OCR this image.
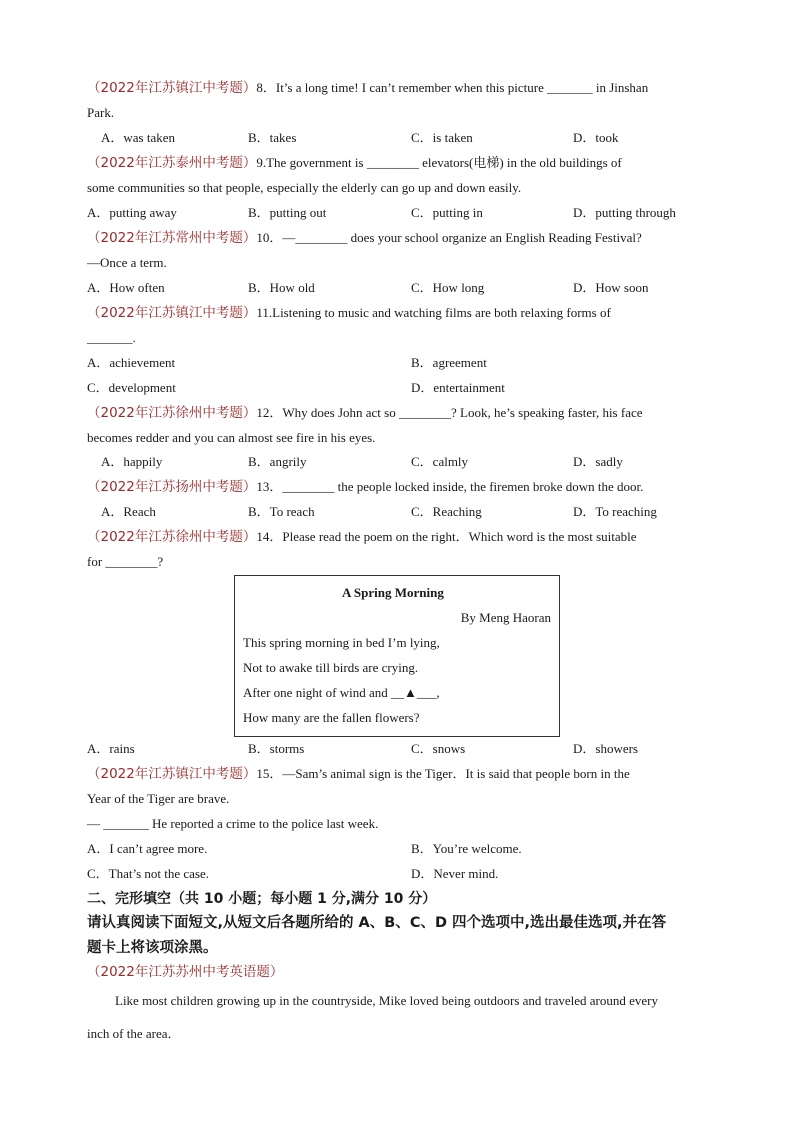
（2022年江苏镇江中考题）8．It’s a long time! I can’t remember when this picture _______ in Jinshan
Park.
A．was taken	B．takes	C．is taken	D．took
（2022年江苏泰州中考题）9.The government is ________ elevators(电梯) in the old buildings of
some communities so that people, especially the elderly can go up and down easily.
A．putting away	B．putting out	C．putting in	D．putting through
（2022年江苏常州中考题）10．—________ does your school organize an English Reading Festival?
—Once a term.
A．How often	B．How old	C．How long	D．How soon
（2022年江苏镇江中考题）11.Listening to music and watching films are both relaxing forms of
_______.
A．achievement	B．agreement
C．development	D．entertainment
（2022年江苏徐州中考题）12．Why does John act so ________? Look, he’s speaking faster, his face
becomes redder and you can almost see fire in his eyes.
A．happily	B．angrily	C．calmly	D．sadly
（2022年江苏扬州中考题）13．________ the people locked inside, the firemen broke down the door.
A．Reach	B．To reach	C．Reaching	D．To reaching
（2022年江苏徐州中考题）14．Please read the poem on the right．Which word is the most suitable
for ________?
A Spring Morning
By Meng Haoran
This spring morning in bed I’m lying,
Not to awake till birds are crying.
After one night of wind and __▲___,
How many are the fallen flowers?
A．rains	B．storms	C．snows	D．showers
（2022年江苏镇江中考题）15．—Sam’s animal sign is the Tiger．It is said that people born in the
Year of the Tiger are brave.
— _______ He reported a crime to the police last week.
A．I can’t agree more.	B．You’re welcome.
C．That’s not the case.	D．Never mind.
二、完形填空（共 10 小题；每小题 1 分,满分 10 分）
请认真阅读下面短文,从短文后各题所给的 A、B、C、D 四个选项中,选出最佳选项,并在答
题卡上将该项涂黑。
（2022年江苏苏州中考英语题）
Like most children growing up in the countryside, Mike loved being outdoors and traveled around every
inch of the area．
